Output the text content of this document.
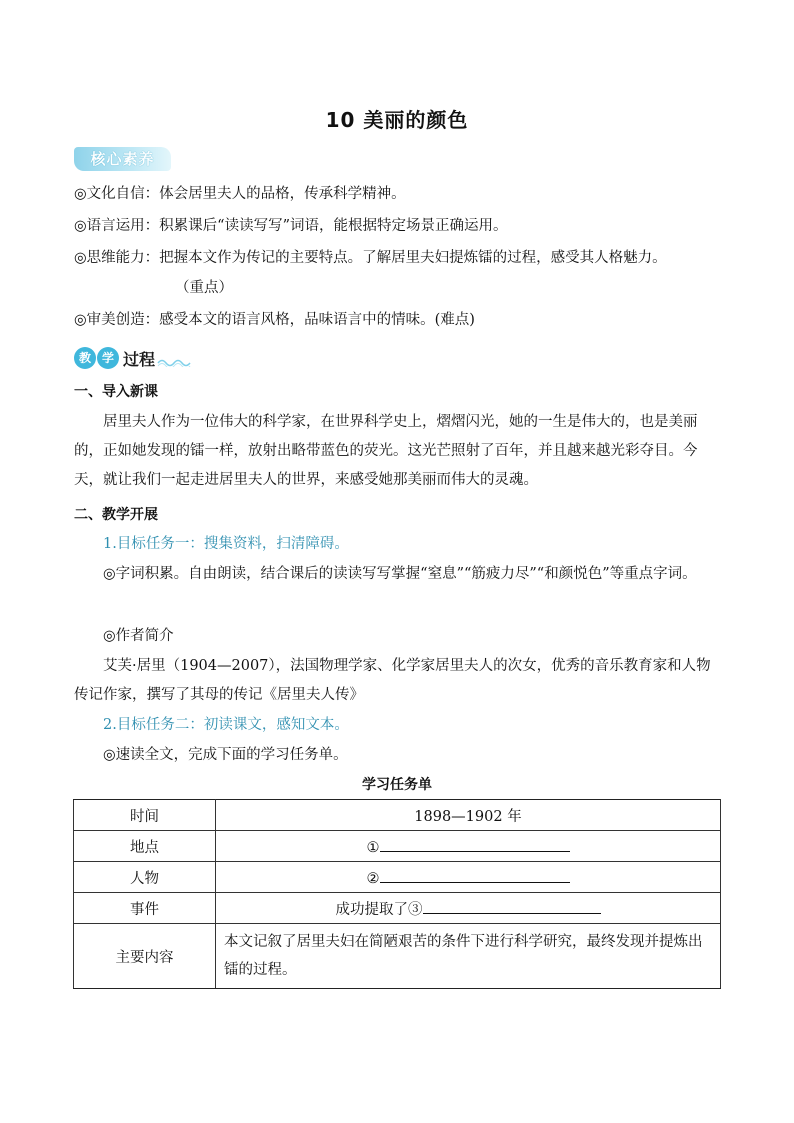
10 美丽的颜色
核心素养
◎文化自信：体会居里夫人的品格，传承科学精神。
◎语言运用：积累课后“读读写写”词语，能根据特定场景正确运用。
◎思维能力：把握本文作为传记的主要特点。了解居里夫妇提炼镭的过程，感受其人格魅力。
（重点）
◎审美创造：感受本文的语言风格，品味语言中的情味。(难点)
教 学 过程
一、导入新课
居里夫人作为一位伟大的科学家，在世界科学史上，熠熠闪光，她的一生是伟大的，也是美丽的，正如她发现的镭一样，放射出略带蓝色的荧光。这光芒照射了百年，并且越来越光彩夺目。今天，就让我们一起走进居里夫人的世界，来感受她那美丽而伟大的灵魂。
二、教学开展
1.目标任务一：搜集资料，扫清障碍。
◎字词积累。自由朗读，结合课后的读读写写掌握“窒息”“筋疲力尽”“和颜悦色”等重点字词。
◎作者简介
艾芙·居里（1904—2007），法国物理学家、化学家居里夫人的次女，优秀的音乐教育家和人物传记作家，撰写了其母的传记《居里夫人传》
2.目标任务二：初读课文，感知文本。
◎速读全文，完成下面的学习任务单。
学习任务单
时间	1898—1902 年
地点	①
人物	②
事件	成功提取了③
主要内容	本文记叙了居里夫妇在简陋艰苦的条件下进行科学研究，最终发现并提炼出镭的过程。
